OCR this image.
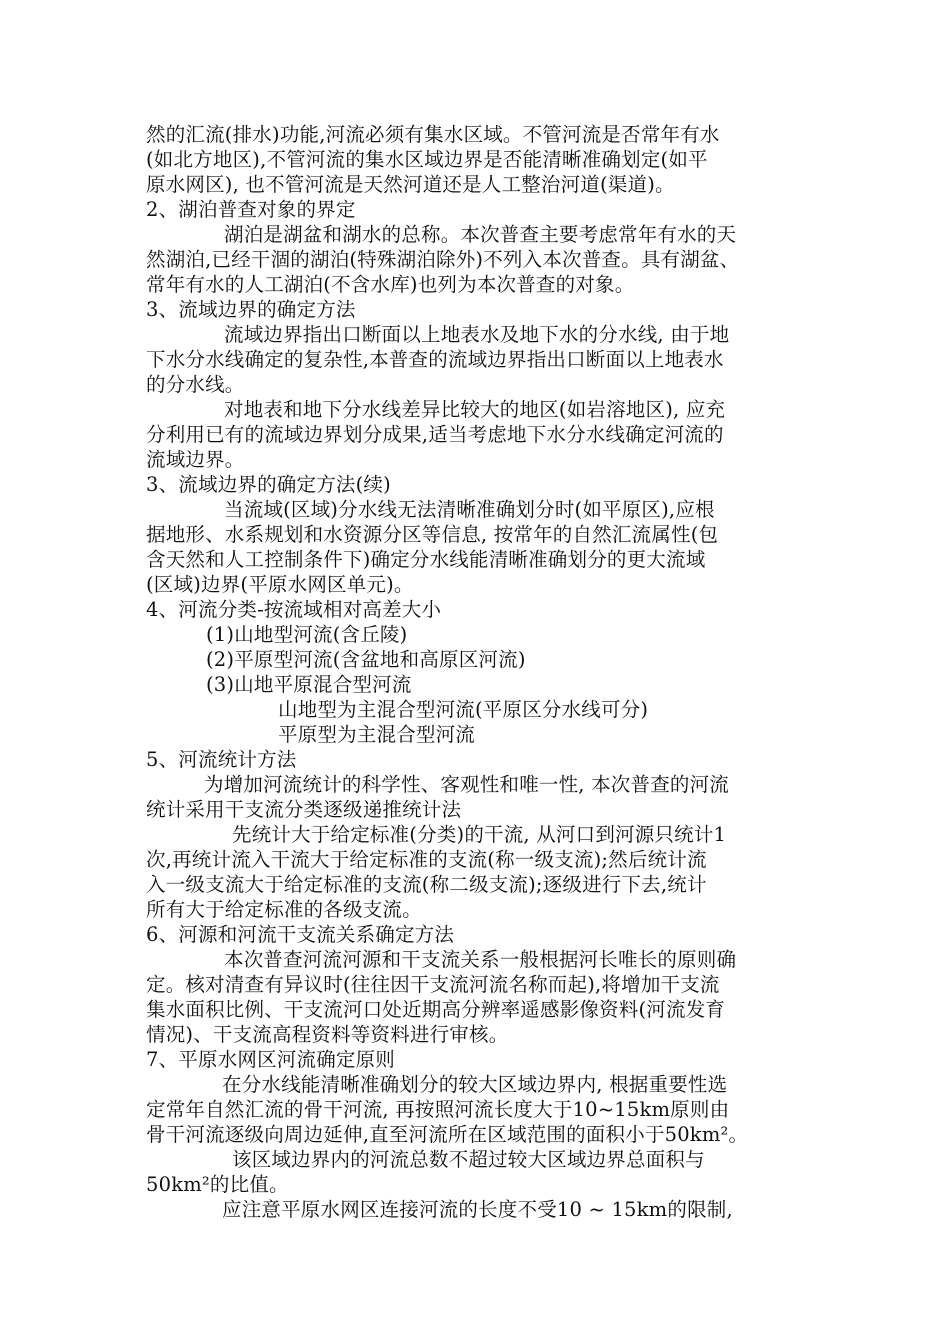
然的汇流(排水)功能,河流必须有集水区域。不管河流是否常年有水
(如北方地区),不管河流的集水区域边界是否能清晰准确划定(如平
原水网区), 也不管河流是天然河道还是人工整治河道(渠道)。
2、湖泊普查对象的界定
湖泊是湖盆和湖水的总称。本次普查主要考虑常年有水的天
然湖泊,已经干涸的湖泊(特殊湖泊除外)不列入本次普查。具有湖盆、
常年有水的人工湖泊(不含水库)也列为本次普查的对象。
3、流域边界的确定方法
流域边界指出口断面以上地表水及地下水的分水线, 由于地
下水分水线确定的复杂性,本普查的流域边界指出口断面以上地表水
的分水线。
对地表和地下分水线差异比较大的地区(如岩溶地区), 应充
分利用已有的流域边界划分成果,适当考虑地下水分水线确定河流的
流域边界。
3、流域边界的确定方法(续)
当流域(区域)分水线无法清晰准确划分时(如平原区),应根
据地形、水系规划和水资源分区等信息, 按常年的自然汇流属性(包
含天然和人工控制条件下)确定分水线能清晰准确划分的更大流域
(区域)边界(平原水网区单元)。
4、河流分类-按流域相对高差大小
(1)山地型河流(含丘陵)
(2)平原型河流(含盆地和高原区河流)
(3)山地平原混合型河流
山地型为主混合型河流(平原区分水线可分)
平原型为主混合型河流
5、河流统计方法
为增加河流统计的科学性、客观性和唯一性, 本次普查的河流
统计采用干支流分类逐级递推统计法
先统计大于给定标准(分类)的干流, 从河口到河源只统计1
次,再统计流入干流大于给定标准的支流(称一级支流);然后统计流
入一级支流大于给定标准的支流(称二级支流);逐级进行下去,统计
所有大于给定标准的各级支流。
6、河源和河流干支流关系确定方法
本次普查河流河源和干支流关系一般根据河长唯长的原则确
定。核对清查有异议时(往往因干支流河流名称而起),将增加干支流
集水面积比例、干支流河口处近期高分辨率遥感影像资料(河流发育
情况)、干支流高程资料等资料进行审核。
7、平原水网区河流确定原则
在分水线能清晰准确划分的较大区域边界内, 根据重要性选
定常年自然汇流的骨干河流, 再按照河流长度大于10~15km原则由
骨干河流逐级向周边延伸,直至河流所在区域范围的面积小于50km²。
该区域边界内的河流总数不超过较大区域边界总面积与
50km²的比值。
应注意平原水网区连接河流的长度不受10 ~ 15km的限制,
